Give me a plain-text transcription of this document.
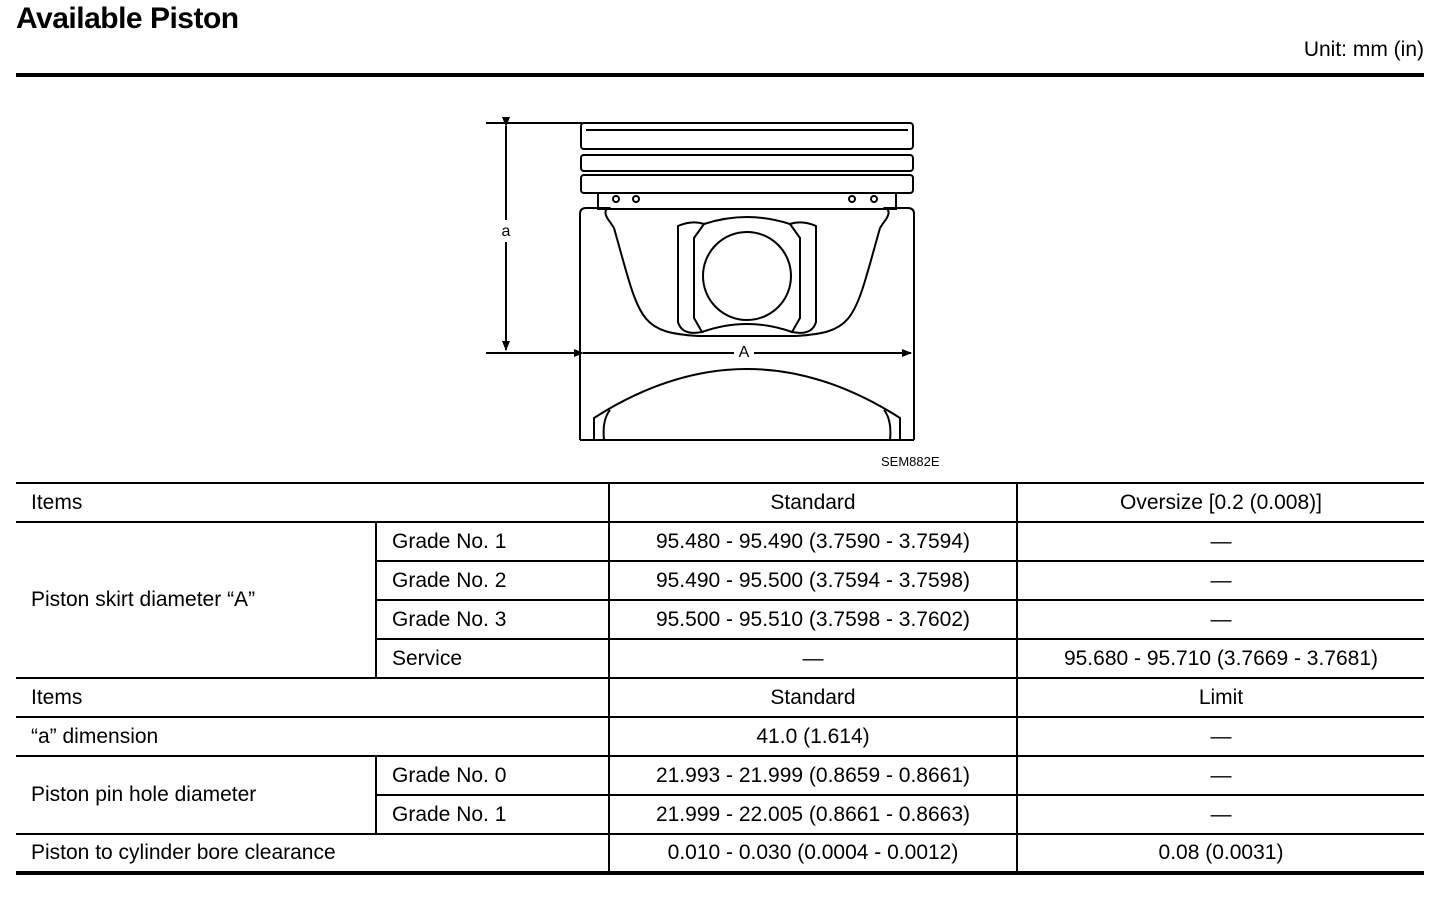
Available Piston
Unit: mm (in)
a
A
SEM882E
Items		Standard	Oversize [0.2 (0.008)]
Piston skirt diameter “A”	Grade No. 1	95.480 - 95.490 (3.7590 - 3.7594)	—
	Grade No. 2	95.490 - 95.500 (3.7594 - 3.7598)	—
	Grade No. 3	95.500 - 95.510 (3.7598 - 3.7602)	—
	Service	—	95.680 - 95.710 (3.7669 - 3.7681)
Items		Standard	Limit
“a” dimension		41.0 (1.614)	—
Piston pin hole diameter	Grade No. 0	21.993 - 21.999 (0.8659 - 0.8661)	—
	Grade No. 1	21.999 - 22.005 (0.8661 - 0.8663)	—
Piston to cylinder bore clearance		0.010 - 0.030 (0.0004 - 0.0012)	0.08 (0.0031)
